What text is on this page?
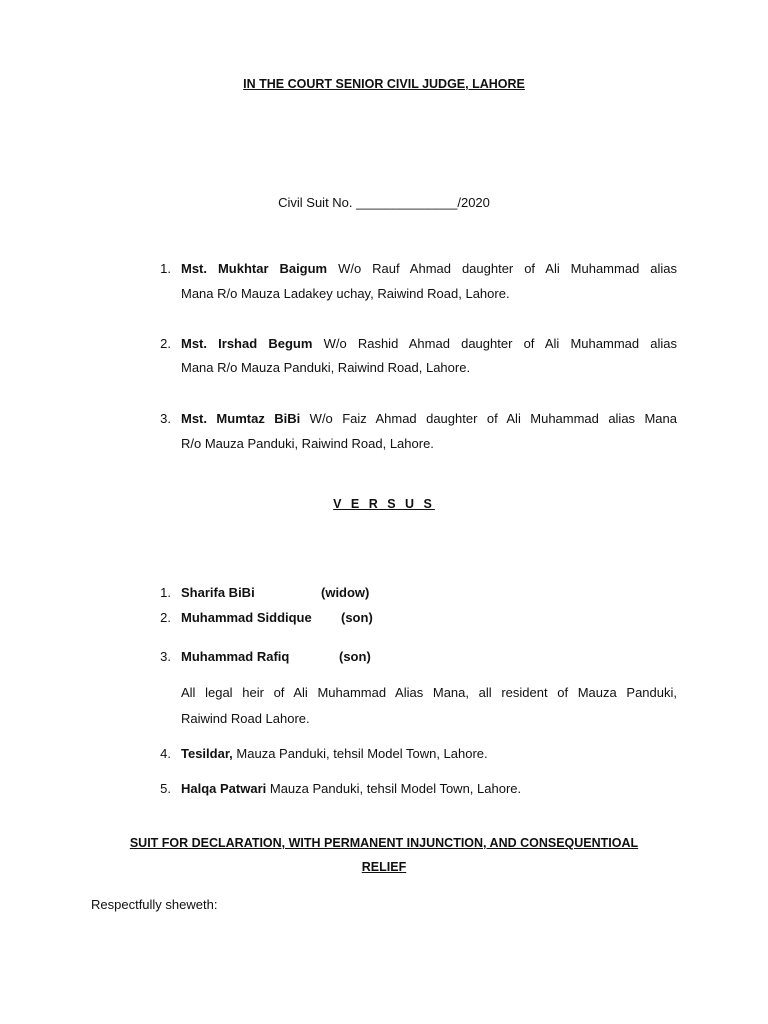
IN THE COURT SENIOR CIVIL JUDGE, LAHORE
Civil Suit No. ______________/2020
1. Mst. Mukhtar Baigum W/o Rauf Ahmad daughter of Ali Muhammad alias
Mana R/o Mauza Ladakey uchay, Raiwind Road, Lahore.
2. Mst. Irshad Begum W/o Rashid Ahmad daughter of Ali Muhammad alias
Mana R/o Mauza Panduki, Raiwind Road, Lahore.
3. Mst. Mumtaz BiBi W/o Faiz Ahmad daughter of Ali Muhammad alias Mana
R/o Mauza Panduki, Raiwind Road, Lahore.
V E R S U S
1. Sharifa BiBi	(widow)
2. Muhammad Siddique (son)
3. Muhammad Rafiq	(son)
All legal heir of Ali Muhammad Alias Mana, all resident of Mauza Panduki,
Raiwind Road Lahore.
4. Tesildar, Mauza Panduki, tehsil Model Town, Lahore.
5. Halqa Patwari Mauza Panduki, tehsil Model Town, Lahore.
SUIT FOR DECLARATION, WITH PERMANENT INJUNCTION, AND CONSEQUENTIOAL
RELIEF
Respectfully sheweth:
